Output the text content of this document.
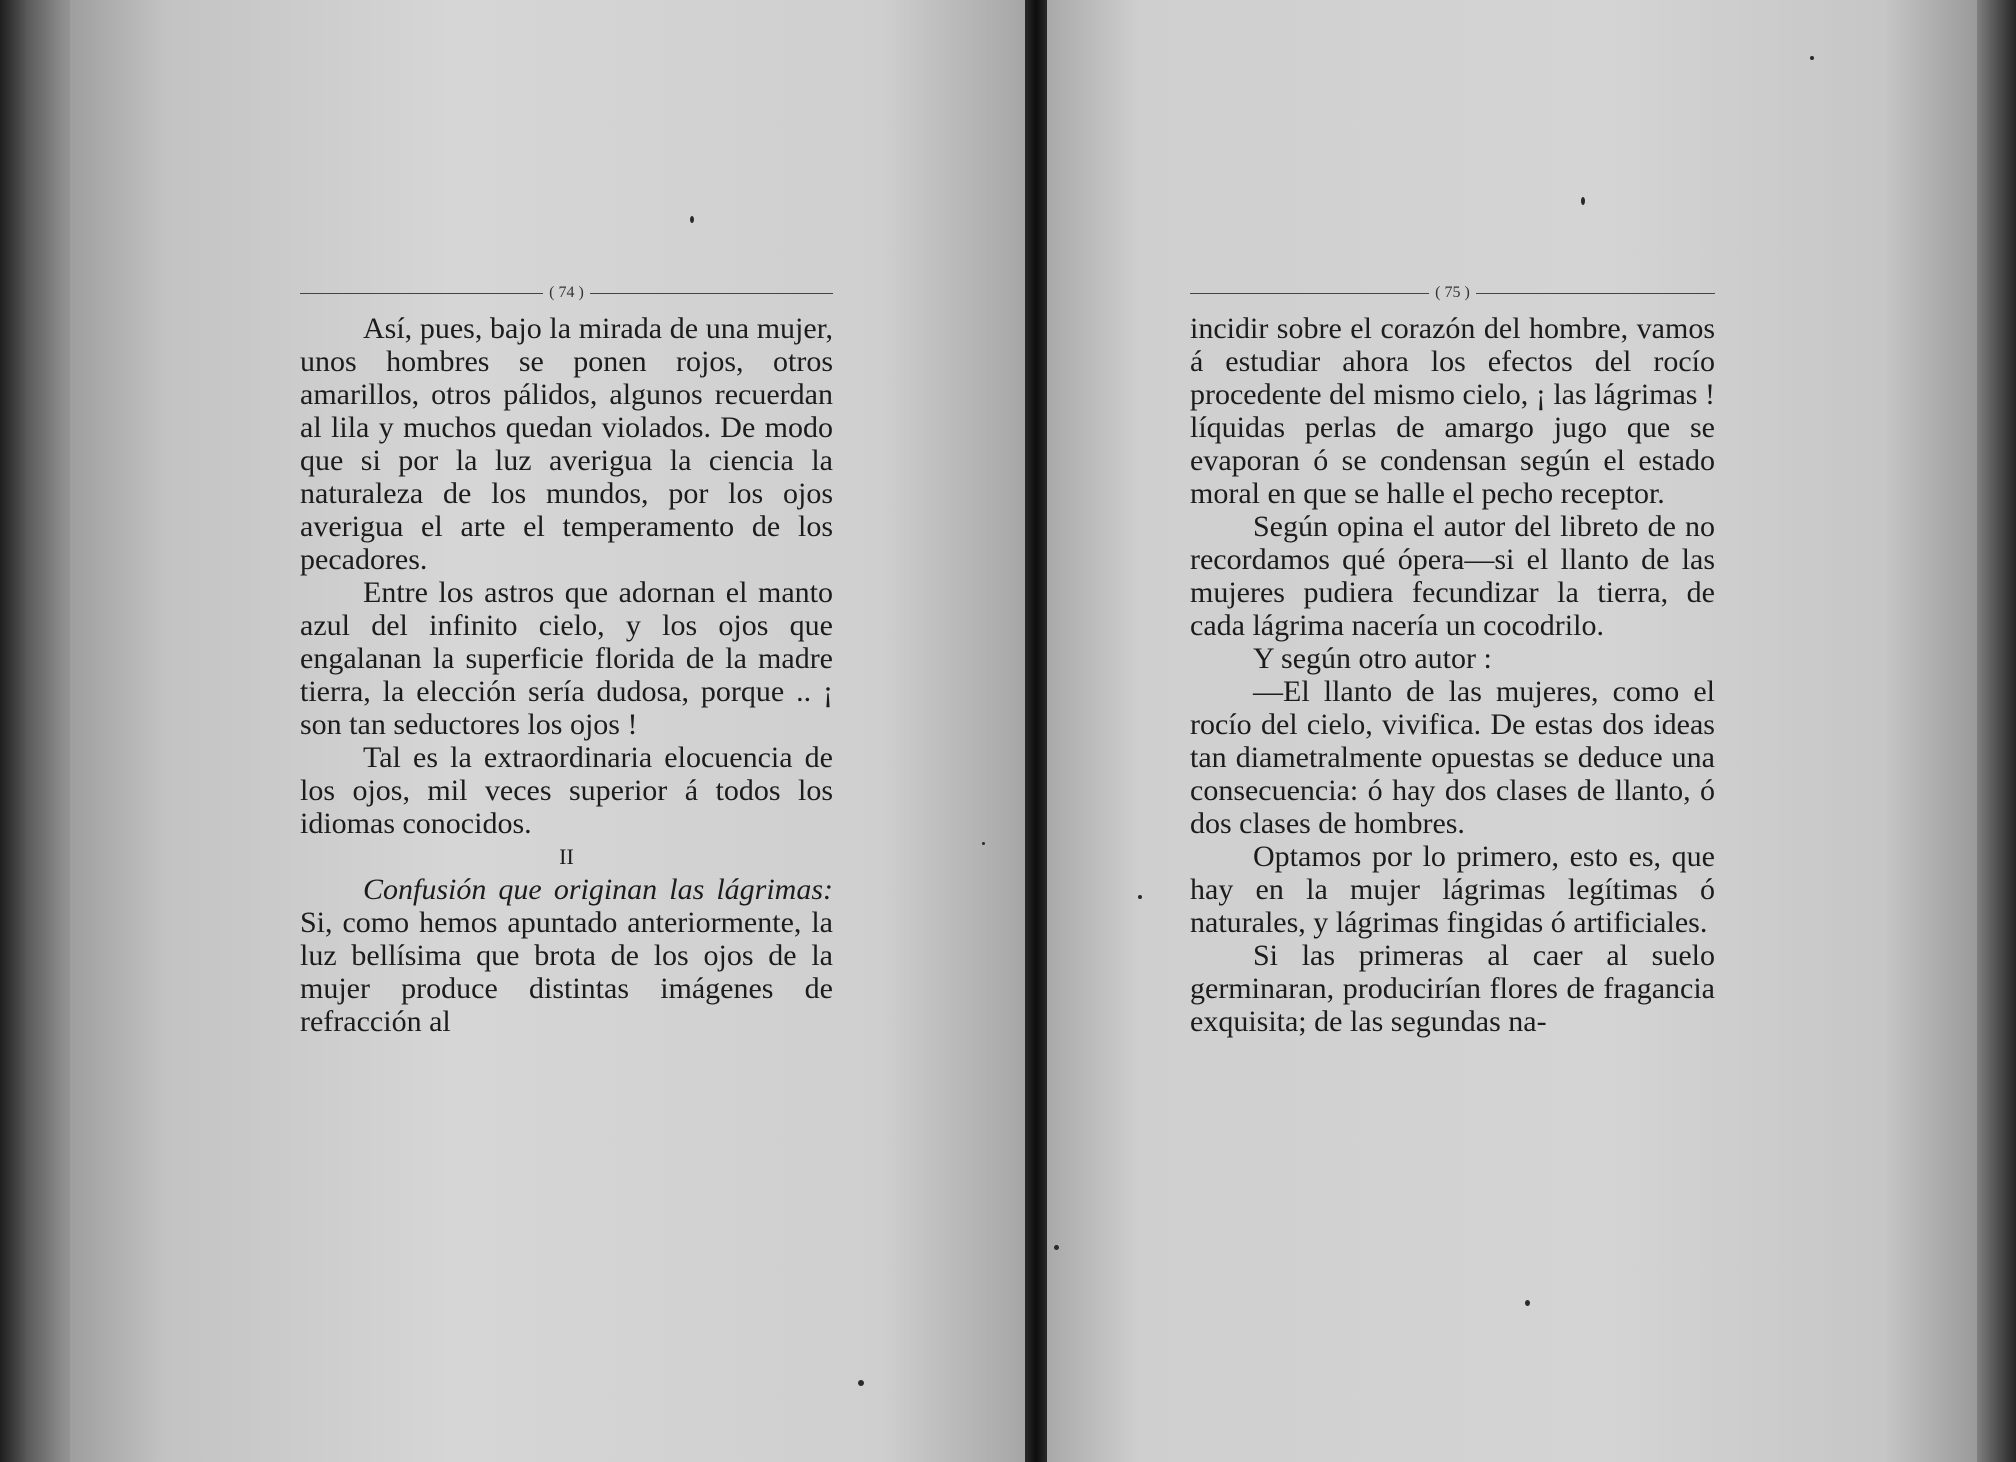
( 74 )

Así, pues, bajo la mirada de una mujer, unos hombres se ponen rojos, otros amarillos, otros pálidos, algunos recuerdan al lila y muchos quedan violados. De modo que si por la luz averigua la ciencia la naturaleza de los mundos, por los ojos averigua el arte el temperamento de los pecadores.

Entre los astros que adornan el manto azul del infinito cielo, y los ojos que engalanan la superficie florida de la madre tierra, la elección sería dudosa, porque .. ¡ son tan seductores los ojos !

Tal es la extraordinaria elocuencia de los ojos, mil veces superior á todos los idiomas conocidos.

II

Confusión que originan las lágrimas: Si, como hemos apuntado anteriormente, la luz bellísima que brota de los ojos de la mujer produce distintas imágenes de refracción al

( 75 )

incidir sobre el corazón del hombre, vamos á estudiar ahora los efectos del rocío procedente del mismo cielo, ¡ las lágrimas ! líquidas perlas de amargo jugo que se evaporan ó se condensan según el estado moral en que se halle el pecho receptor.

Según opina el autor del libreto de no recordamos qué ópera—si el llanto de las mujeres pudiera fecundizar la tierra, de cada lágrima nacería un cocodrilo.

Y según otro autor :

—El llanto de las mujeres, como el rocío del cielo, vivifica. De estas dos ideas tan diametralmente opuestas se deduce una consecuencia: ó hay dos clases de llanto, ó dos clases de hombres.

Optamos por lo primero, esto es, que hay en la mujer lágrimas legítimas ó naturales, y lágrimas fingidas ó artificiales.

Si las primeras al caer al suelo germinaran, producirían flores de fragancia exquisita; de las segundas na-
